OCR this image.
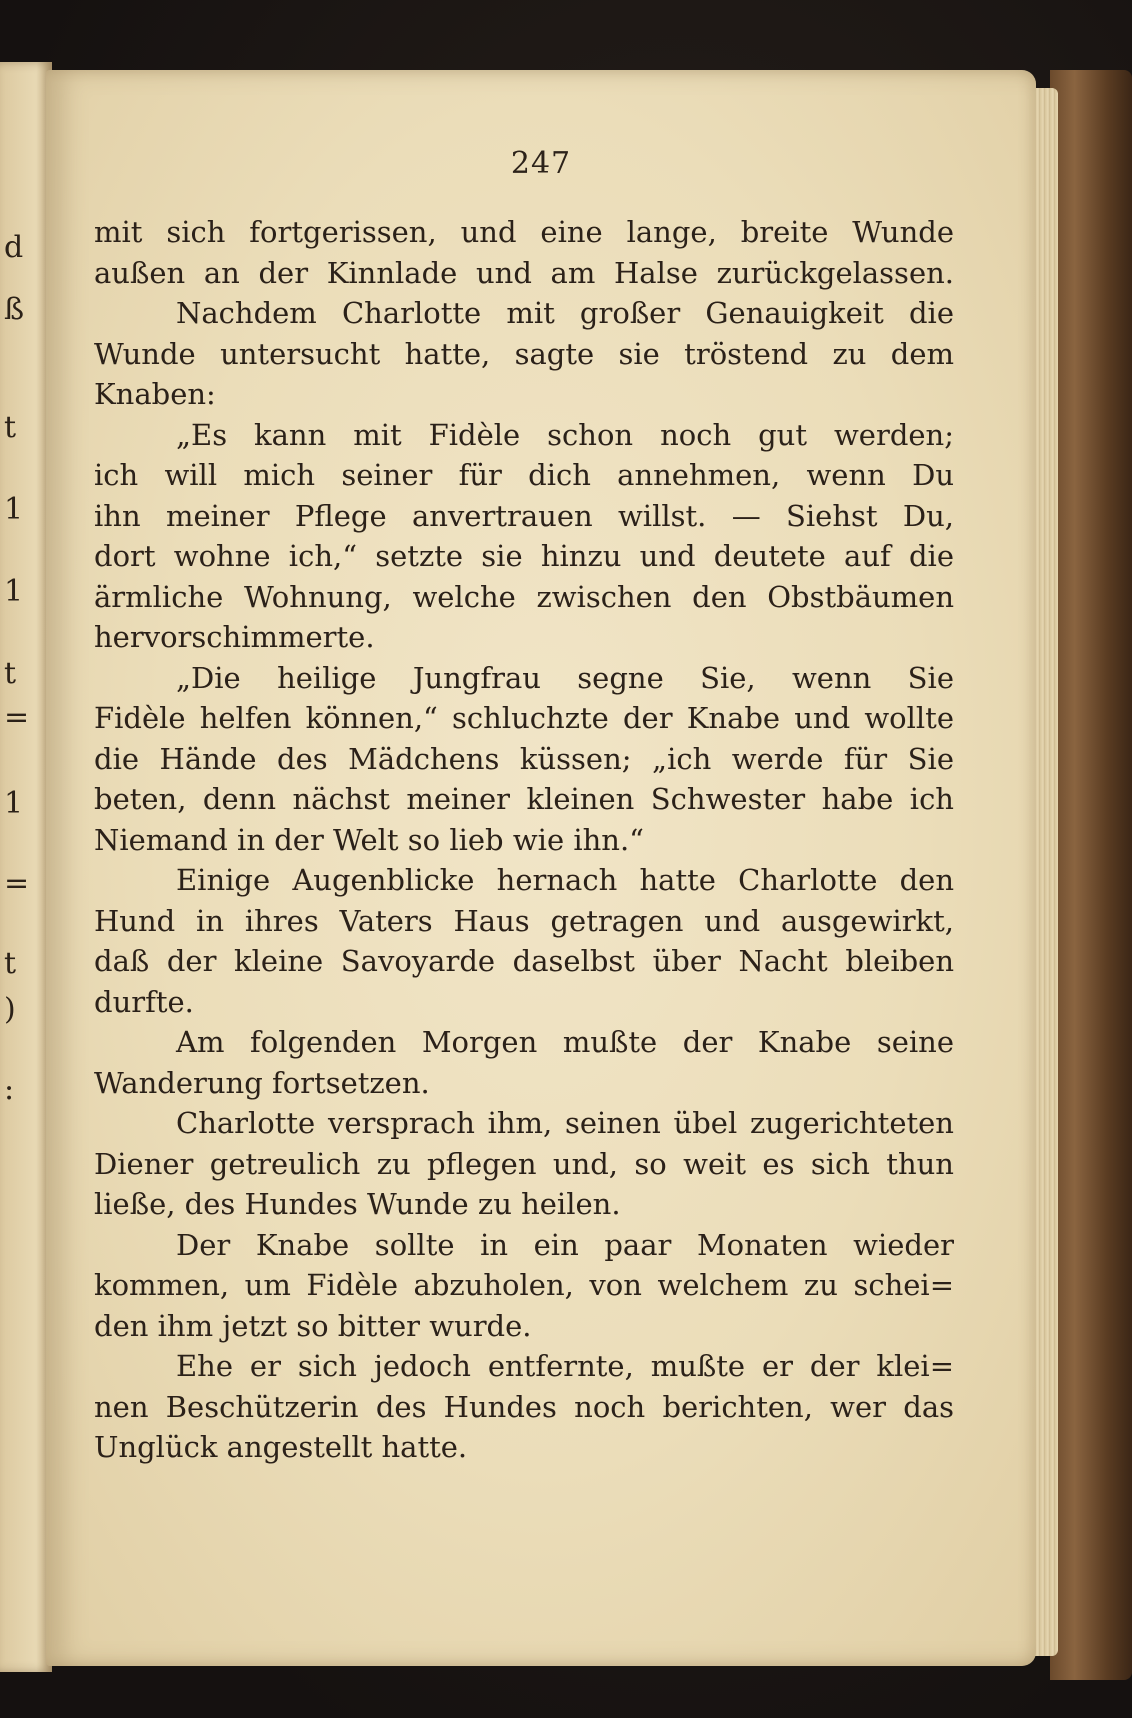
d
ß
t
1
1
t
=
1
=
t
)
:
247
mit sich fortgerissen, und eine lange, breite Wunde
außen an der Kinnlade und am Halse zurückgelassen.
Nachdem Charlotte mit großer Genauigkeit die
Wunde untersucht hatte, sagte sie tröstend zu dem
Knaben:
„Es kann mit Fidèle schon noch gut werden;
ich will mich seiner für dich annehmen, wenn Du
ihn meiner Pflege anvertrauen willst. — Siehst Du,
dort wohne ich,“ setzte sie hinzu und deutete auf die
ärmliche Wohnung, welche zwischen den Obstbäumen
hervorschimmerte.
„Die heilige Jungfrau segne Sie, wenn Sie
Fidèle helfen können,“ schluchzte der Knabe und wollte
die Hände des Mädchens küssen; „ich werde für Sie
beten, denn nächst meiner kleinen Schwester habe ich
Niemand in der Welt so lieb wie ihn.“
Einige Augenblicke hernach hatte Charlotte den
Hund in ihres Vaters Haus getragen und ausgewirkt,
daß der kleine Savoyarde daselbst über Nacht bleiben
durfte.
Am folgenden Morgen mußte der Knabe seine
Wanderung fortsetzen.
Charlotte versprach ihm, seinen übel zugerichteten
Diener getreulich zu pflegen und, so weit es sich thun
ließe, des Hundes Wunde zu heilen.
Der Knabe sollte in ein paar Monaten wieder
kommen, um Fidèle abzuholen, von welchem zu schei=
den ihm jetzt so bitter wurde.
Ehe er sich jedoch entfernte, mußte er der klei=
nen Beschützerin des Hundes noch berichten, wer das
Unglück angestellt hatte.
